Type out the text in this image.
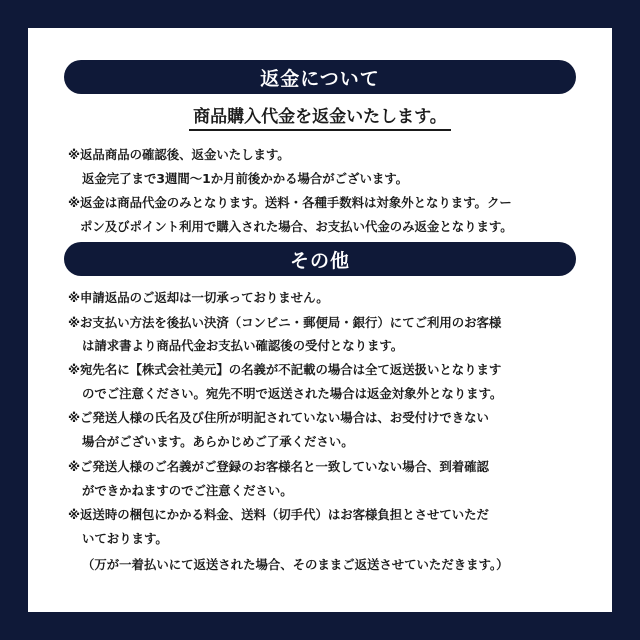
返金について
商品購入代金を返金いたします。
※返品商品の確認後、返金いたします。
返金完了まで3週間〜1か月前後かかる場合がございます。
※返金は商品代金のみとなります。送料・各種手数料は対象外となります。クー
ポン及びポイント利用で購入された場合、お支払い代金のみ返金となります。
その他
※申請返品のご返却は一切承っておりません。
※お支払い方法を後払い決済（コンビニ・郵便局・銀行）にてご利用のお客様
は請求書より商品代金お支払い確認後の受付となります。
※宛先名に【株式会社美元】の名義が不記載の場合は全て返送扱いとなります
のでご注意ください。宛先不明で返送された場合は返金対象外となります。
※ご発送人様の氏名及び住所が明記されていない場合は、お受付けできない
場合がございます。あらかじめご了承ください。
※ご発送人様のご名義がご登録のお客様名と一致していない場合、到着確認
ができかねますのでご注意ください。
※返送時の梱包にかかる料金、送料（切手代）はお客様負担とさせていただ
いております。
（万が一着払いにて返送された場合、そのままご返送させていただきます。）
